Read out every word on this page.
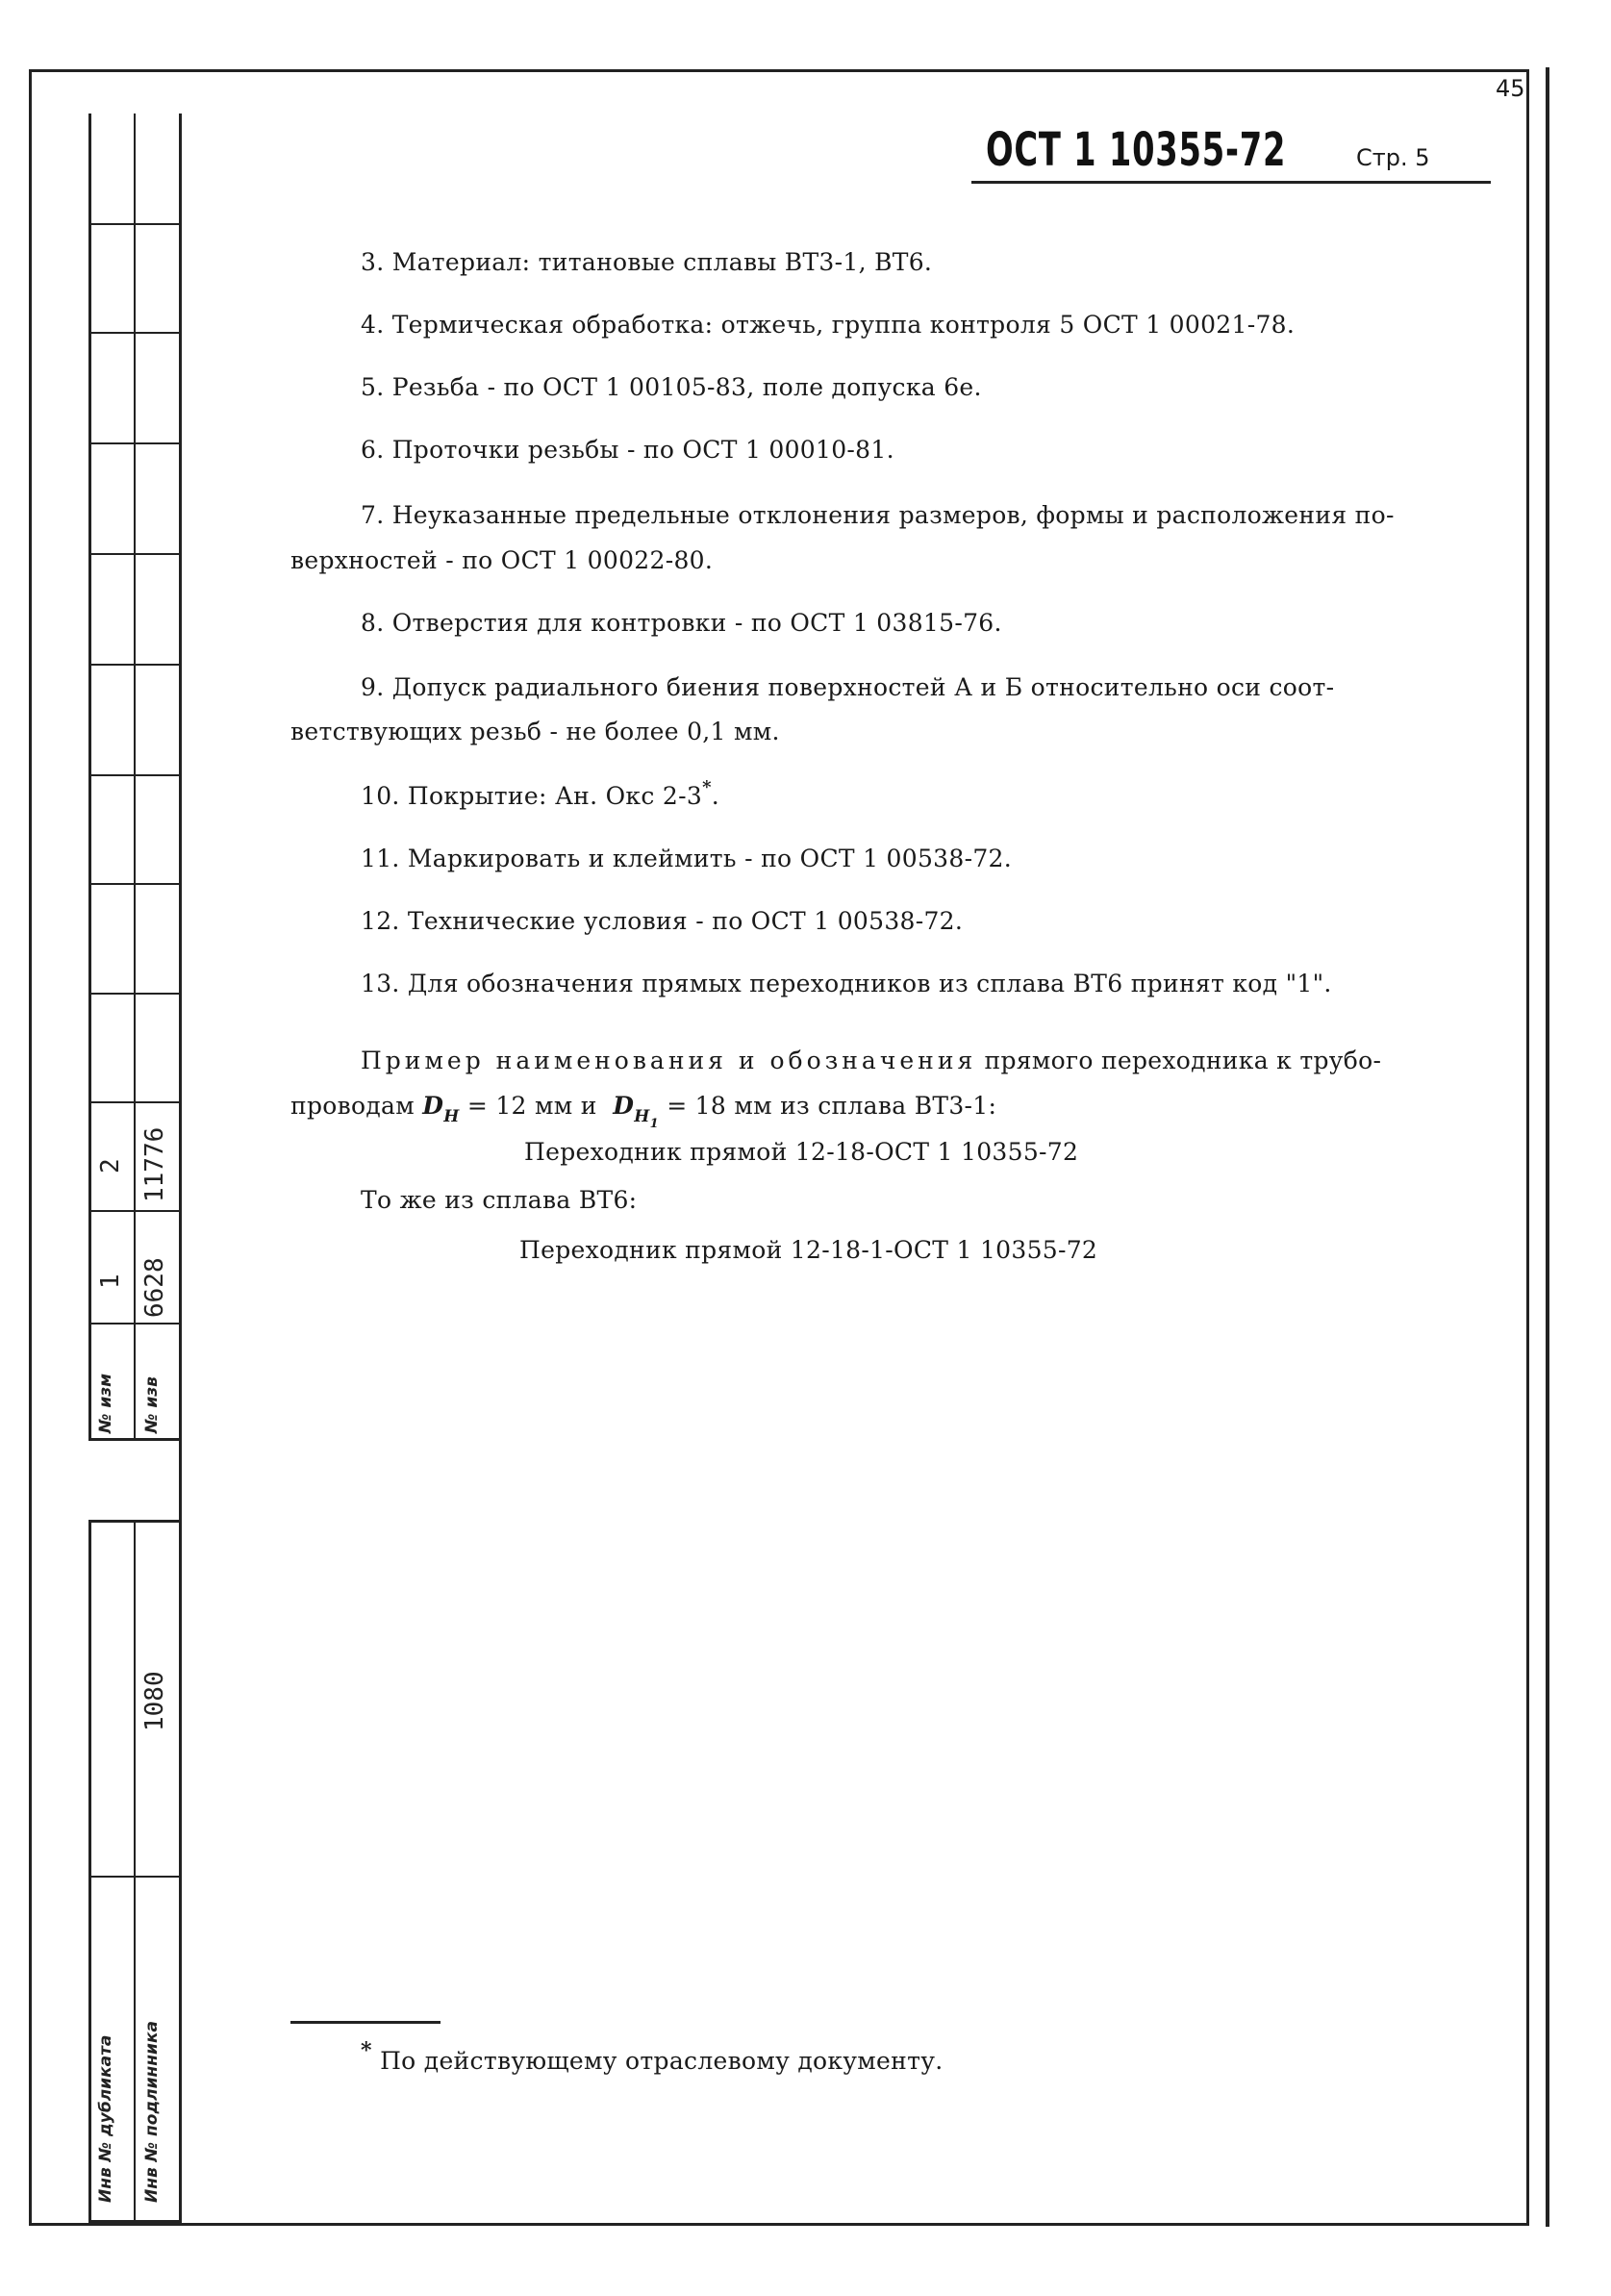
45
ОСТ 1 10355-72	Стр. 5
№ изм № изв
1 6628
2 11776
Инв № дубликата Инв № подлинника
1080
3. Материал: титановые сплавы ВТ3-1, ВТ6.
4. Термическая обработка: отжечь, группа контроля 5 ОСТ 1 00021-78.
5. Резьба - по ОСТ 1 00105-83, поле допуска 6е.
6. Проточки резьбы - по ОСТ 1 00010-81.
7. Неуказанные предельные отклонения размеров, формы и расположения по-
верхностей - по ОСТ 1 00022-80.
8. Отверстия для контровки - по ОСТ 1 03815-76.
9. Допуск радиального биения поверхностей А и Б относительно оси соот-
ветствующих резьб - не более 0,1 мм.
10. Покрытие: Ан. Окс 2-3*.
11. Маркировать и клеймить - по ОСТ 1 00538-72.
12. Технические условия - по ОСТ 1 00538-72.
13. Для обозначения прямых переходников из сплава ВТ6 принят код "1".
Пример наименования и обозначения прямого переходника к трубо-
проводам $D_H = 12$ мм и $D_{H1} = 18$ мм из сплава ВТ3-1:
Переходник прямой 12-18-ОСТ 1 10355-72
То же из сплава ВТ6:
Переходник прямой 12-18-1-ОСТ 1 10355-72
* По действующему отраслевому документу.
